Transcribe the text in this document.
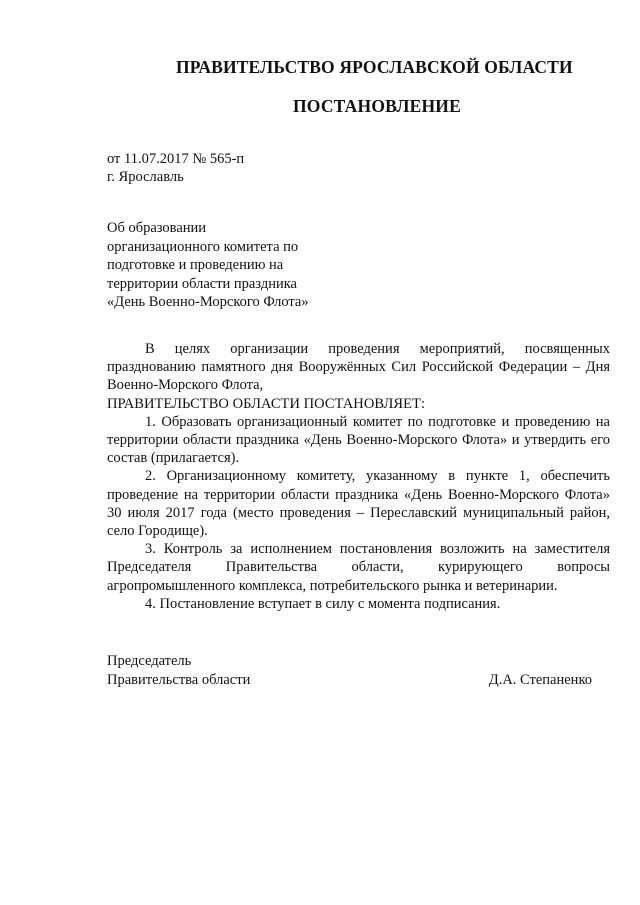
ПРАВИТЕЛЬСТВО ЯРОСЛАВСКОЙ ОБЛАСТИ
ПОСТАНОВЛЕНИЕ
от 11.07.2017 № 565-п
г. Ярославль
Об образовании
организационного комитета по
подготовке и проведению на
территории области праздника
«День Военно-Морского Флота»

В целях организации проведения мероприятий, посвященных празднованию памятного дня Вооружённых Сил Российской Федерации – Дня Военно-Морского Флота,

ПРАВИТЕЛЬСТВО ОБЛАСТИ ПОСТАНОВЛЯЕТ:

1. Образовать организационный комитет по подготовке и проведению на территории области праздника «День Военно-Морского Флота» и утвердить его состав (прилагается).

2. Организационному комитету, указанному в пункте 1, обеспечить проведение на территории области праздника «День Военно-Морского Флота» 30 июля 2017 года (место проведения – Переславский муниципальный район, село Городище).

3. Контроль за исполнением постановления возложить на заместителя Председателя Правительства области, курирующего вопросы агропромышленного комплекса, потребительского рынка и ветеринарии.

4. Постановление вступает в силу с момента подписания.

Председатель
Правительства области	Д.А. Степаненко
